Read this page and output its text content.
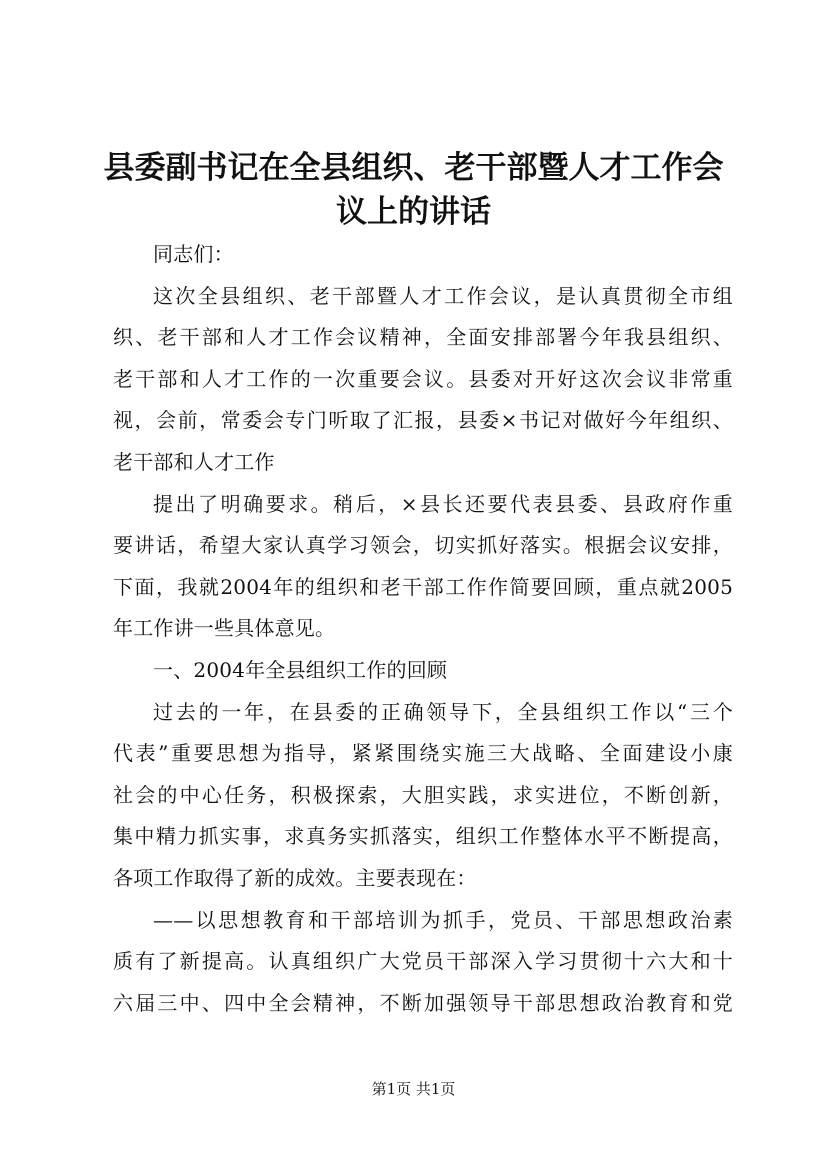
县委副书记在全县组织、老干部暨人才工作会
议上的讲话
同志们：
这次全县组织、老干部暨人才工作会议，是认真贯彻全市组
织、老干部和人才工作会议精神，全面安排部署今年我县组织、
老干部和人才工作的一次重要会议。县委对开好这次会议非常重
视，会前，常委会专门听取了汇报，县委×书记对做好今年组织、
老干部和人才工作
提出了明确要求。稍后，×县长还要代表县委、县政府作重
要讲话，希望大家认真学习领会，切实抓好落实。根据会议安排，
下面，我就2004年的组织和老干部工作作简要回顾，重点就2005
年工作讲一些具体意见。
一、2004年全县组织工作的回顾
过去的一年，在县委的正确领导下，全县组织工作以“三个
代表”重要思想为指导，紧紧围绕实施三大战略、全面建设小康
社会的中心任务，积极探索，大胆实践，求实进位，不断创新，
集中精力抓实事，求真务实抓落实，组织工作整体水平不断提高，
各项工作取得了新的成效。主要表现在：
——以思想教育和干部培训为抓手，党员、干部思想政治素
质有了新提高。认真组织广大党员干部深入学习贯彻十六大和十
六届三中、四中全会精神，不断加强领导干部思想政治教育和党
第1页 共1页
